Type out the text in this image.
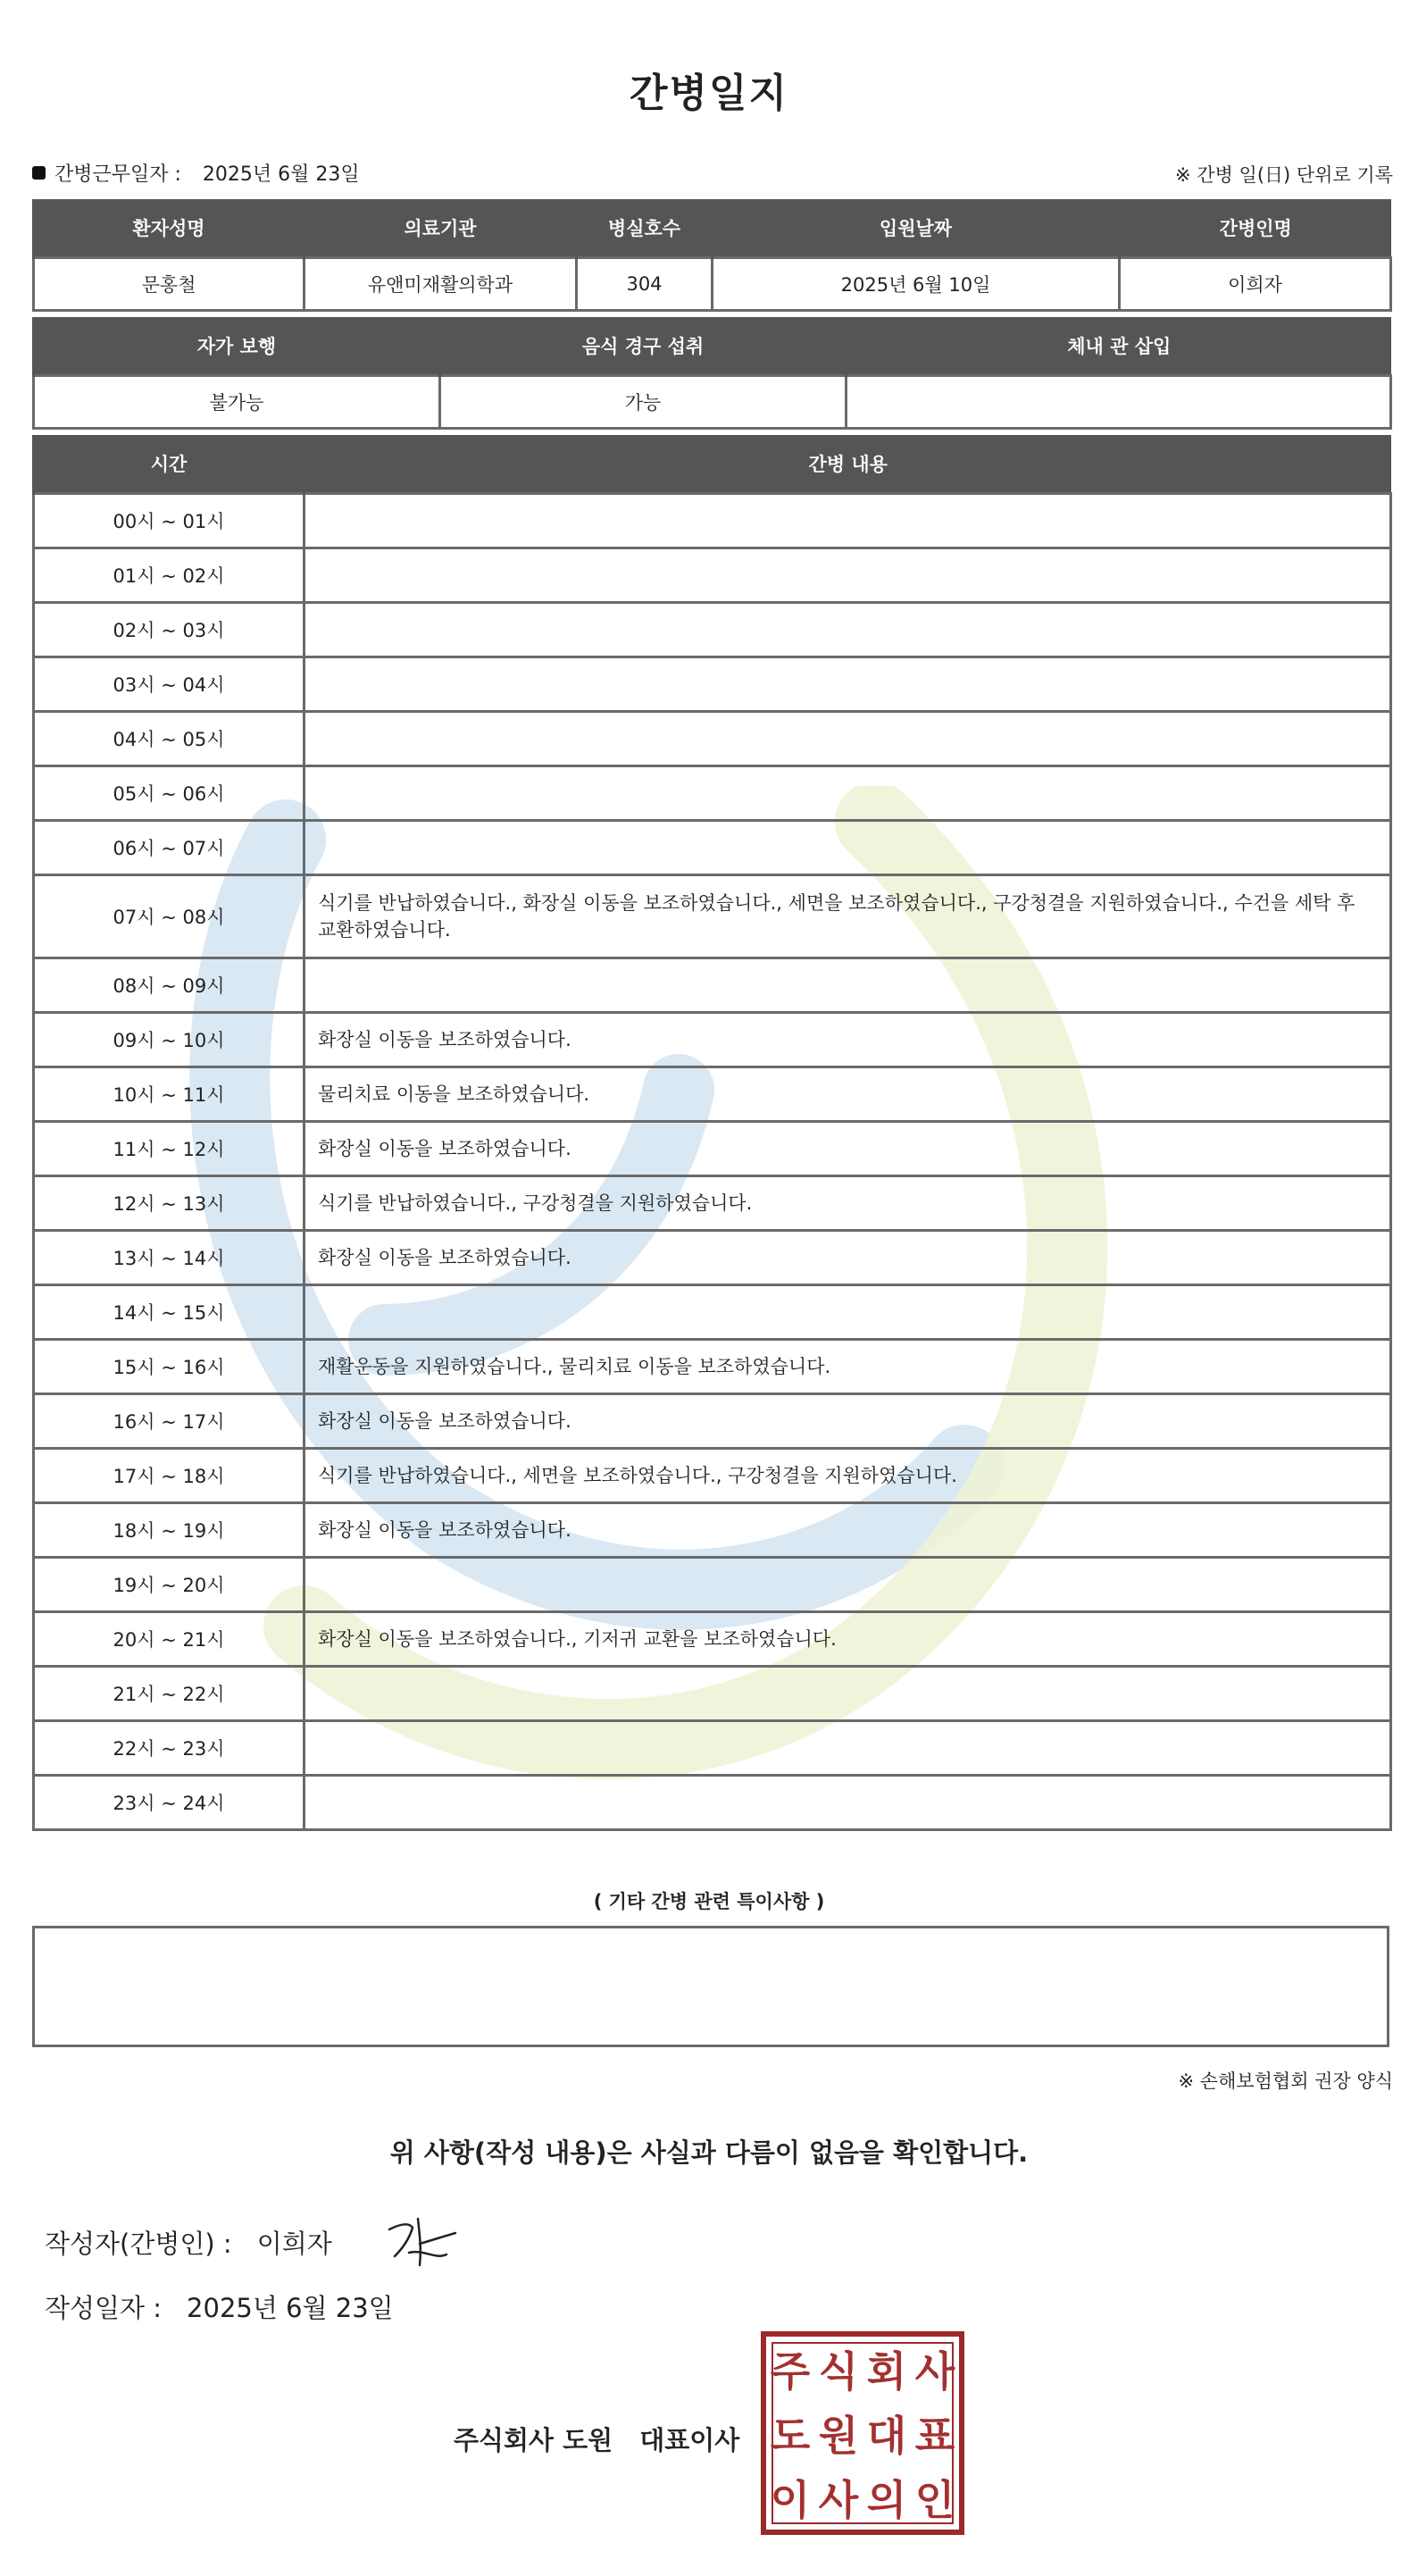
간병일지
간병근무일자 : 2025년 6월 23일	※ 간병 일(日) 단위로 기록
환자성명	의료기관	병실호수	입원날짜	간병인명
문홍철	유앤미재활의학과	304	2025년 6월 10일	이희자
자가 보행	음식 경구 섭취	체내 관 삽입
불가능	가능	
시간	간병 내용
00시 ~ 01시	
01시 ~ 02시	
02시 ~ 03시	
03시 ~ 04시	
04시 ~ 05시	
05시 ~ 06시	
06시 ~ 07시	
07시 ~ 08시	식기를 반납하였습니다., 화장실 이동을 보조하였습니다., 세면을 보조하였습니다., 구강청결을 지원하였습니다., 수건을 세탁 후 교환하였습니다.
08시 ~ 09시	
09시 ~ 10시	화장실 이동을 보조하였습니다.
10시 ~ 11시	물리치료 이동을 보조하였습니다.
11시 ~ 12시	화장실 이동을 보조하였습니다.
12시 ~ 13시	식기를 반납하였습니다., 구강청결을 지원하였습니다.
13시 ~ 14시	화장실 이동을 보조하였습니다.
14시 ~ 15시	
15시 ~ 16시	재활운동을 지원하였습니다., 물리치료 이동을 보조하였습니다.
16시 ~ 17시	화장실 이동을 보조하였습니다.
17시 ~ 18시	식기를 반납하였습니다., 세면을 보조하였습니다., 구강청결을 지원하였습니다.
18시 ~ 19시	화장실 이동을 보조하였습니다.
19시 ~ 20시	
20시 ~ 21시	화장실 이동을 보조하였습니다., 기저귀 교환을 보조하였습니다.
21시 ~ 22시	
22시 ~ 23시	
23시 ~ 24시	
( 기타 간병 관련 특이사항 )
※ 손해보험협회 권장 양식
위 사항(작성 내용)은 사실과 다름이 없음을 확인합니다.
작성자(간병인) : 이희자
작성일자 : 2025년 6월 23일
주식회사 도원 대표이사
주 식 회 사
도 원 대 표
이 사 의 인
